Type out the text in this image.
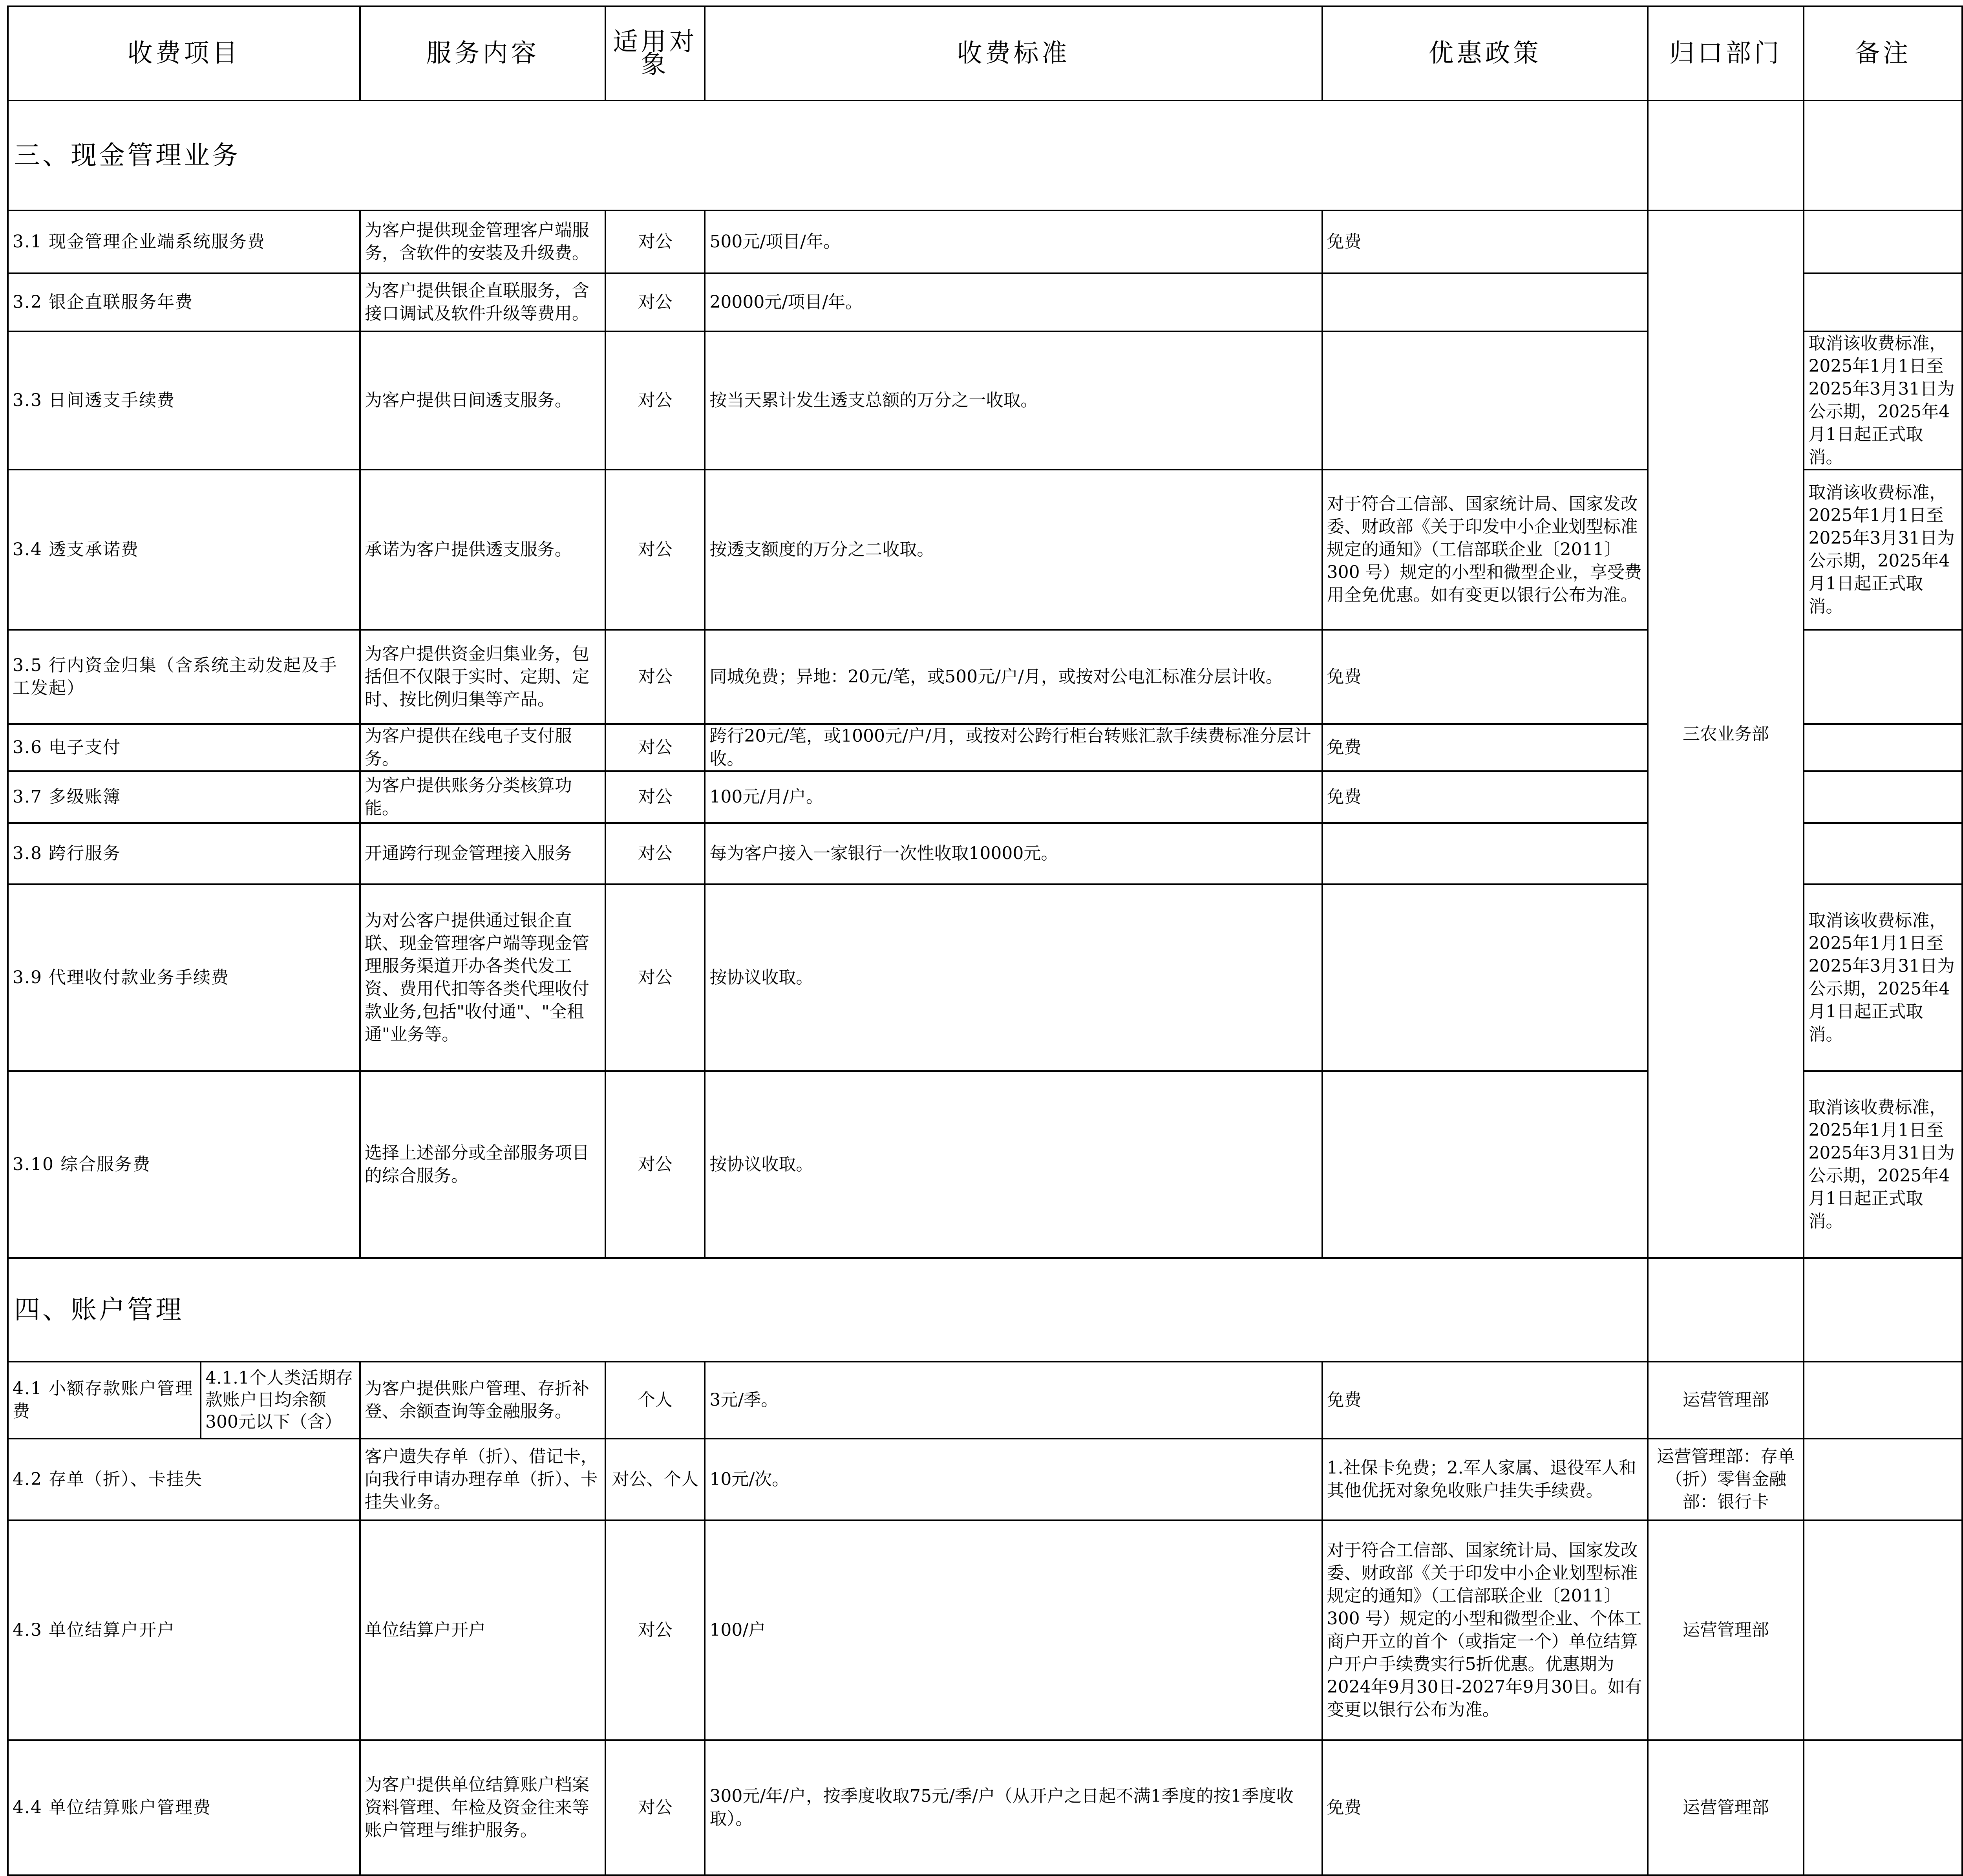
收费项目		服务内容	适用对象	收费标准	优惠政策	归口部门	备注
三、现金管理业务							
3.1 现金管理企业端系统服务费		为客户提供现金管理客户端服务，含软件的安装及升级费。	对公	500元/项目/年。	免费	三农业务部	
3.2 银企直联服务年费		为客户提供银企直联服务，含接口调试及软件升级等费用。	对公	20000元/项目/年。			
3.3 日间透支手续费		为客户提供日间透支服务。	对公	按当天累计发生透支总额的万分之一收取。			取消该收费标准，2025年1月1日至2025年3月31日为公示期，2025年4月1日起正式取消。
3.4 透支承诺费		承诺为客户提供透支服务。	对公	按透支额度的万分之二收取。	对于符合工信部、国家统计局、国家发改委、财政部《关于印发中小企业划型标准规定的通知》（工信部联企业〔2011〕300 号）规定的小型和微型企业，享受费用全免优惠。如有变更以银行公布为准。		取消该收费标准，2025年1月1日至2025年3月31日为公示期，2025年4月1日起正式取消。
3.5 行内资金归集（含系统主动发起及手工发起）		为客户提供资金归集业务，包括但不仅限于实时、定期、定时、按比例归集等产品。	对公	同城免费；异地：20元/笔，或500元/户/月，或按对公电汇标准分层计收。	免费		
3.6 电子支付		为客户提供在线电子支付服务。	对公	跨行20元/笔，或1000元/户/月，或按对公跨行柜台转账汇款手续费标准分层计收。	免费		
3.7 多级账簿		为客户提供账务分类核算功能。	对公	100元/月/户。	免费		
3.8 跨行服务		开通跨行现金管理接入服务	对公	每为客户接入一家银行一次性收取10000元。			
3.9 代理收付款业务手续费		为对公客户提供通过银企直联、现金管理客户端等现金管理服务渠道开办各类代发工资、费用代扣等各类代理收付款业务,包括"收付通"、"全租通"业务等。	对公	按协议收取。			取消该收费标准，2025年1月1日至2025年3月31日为公示期，2025年4月1日起正式取消。
3.10 综合服务费		选择上述部分或全部服务项目的综合服务。	对公	按协议收取。			取消该收费标准，2025年1月1日至2025年3月31日为公示期，2025年4月1日起正式取消。
四、账户管理							
4.1 小额存款账户管理费	4.1.1个人类活期存款账户日均余额300元以下（含）	为客户提供账户管理、存折补登、余额查询等金融服务。	个人	3元/季。	免费	运营管理部	
4.2 存单（折）、卡挂失		客户遗失存单（折）、借记卡，向我行申请办理存单（折）、卡挂失业务。	对公、个人	10元/次。	1.社保卡免费；2.军人家属、退役军人和其他优抚对象免收账户挂失手续费。	运营管理部：存单（折）零售金融部：银行卡	
4.3 单位结算户开户		单位结算户开户	对公	100/户	对于符合工信部、国家统计局、国家发改委、财政部《关于印发中小企业划型标准规定的通知》（工信部联企业〔2011〕300 号）规定的小型和微型企业、个体工商户开立的首个（或指定一个）单位结算户开户手续费实行5折优惠。优惠期为2024年9月30日-2027年9月30日。如有变更以银行公布为准。	运营管理部	
4.4 单位结算账户管理费		为客户提供单位结算账户档案资料管理、年检及资金往来等账户管理与维护服务。	对公	300元/年/户，按季度收取75元/季/户（从开户之日起不满1季度的按1季度收取）。	免费	运营管理部	
